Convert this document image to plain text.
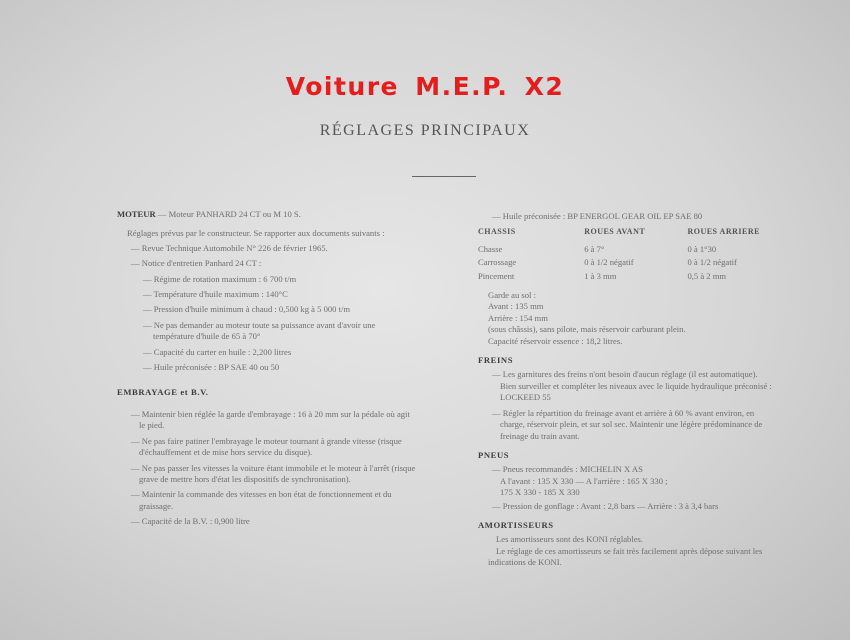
Voiture M.E.P. X2
RÉGLAGES PRINCIPAUX

MOTEUR — Moteur PANHARD 24 CT ou M 10 S.

Réglages prévus par le constructeur. Se rapporter aux documents suivants :

— Revue Technique Automobile N° 226 de février 1965.

— Notice d'entretien Panhard 24 CT :

— Régime de rotation maximum : 6 700 t/m

— Température d'huile maximum : 140°C

— Pression d'huile minimum à chaud : 0,500 kg à 5 000 t/m

— Ne pas demander au moteur toute sa puissance avant d'avoir une température d'huile de 65 à 70°

— Capacité du carter en huile : 2,200 litres

— Huile préconisée : BP SAE 40 ou 50

EMBRAYAGE et B.V.

— Maintenir bien réglée la garde d'embrayage : 16 à 20 mm sur la pédale où agit le pied.

— Ne pas faire patiner l'embrayage le moteur tournant à grande vitesse (risque d'échauffement et de mise hors service du disque).

— Ne pas passer les vitesses la voiture étant immobile et le moteur à l'arrêt (risque grave de mettre hors d'état les dispositifs de synchronisation).

— Maintenir la commande des vitesses en bon état de fonctionnement et du graissage.

— Capacité de la B.V. : 0,900 litre

— Huile préconisée : BP ENERGOL GEAR OIL EP SAE 80

CHASSIS	ROUES AVANT	ROUES ARRIERE
Chasse	6 à 7°	0 à 1°30
Carrossage	0 à 1/2 négatif	0 à 1/2 négatif
Pincement	1 à 3 mm	0,5 à 2 mm

Garde au sol :

Avant : 135 mm

Arrière : 154 mm

(sous châssis), sans pilote, mais réservoir carburant plein.

Capacité réservoir essence : 18,2 litres.

FREINS

— Les garnitures des freins n'ont besoin d'aucun réglage (il est automatique). Bien surveiller et compléter les niveaux avec le liquide hydraulique préconisé : LOCKEED 55

— Régler la répartition du freinage avant et arrière à 60 % avant environ, en charge, réservoir plein, et sur sol sec. Maintenir une légère prédominance de freinage du train avant.

PNEUS

— Pneus recommandés : MICHELIN X AS

A l'avant : 135 X 330 — A l'arrière : 165 X 330 ;

175 X 330 - 185 X 330

— Pression de gonflage : Avant : 2,8 bars — Arrière : 3 à 3,4 bars

AMORTISSEURS

Les amortisseurs sont des KONI réglables.

Le réglage de ces amortisseurs se fait très facilement après dépose suivant les indications de KONI.
